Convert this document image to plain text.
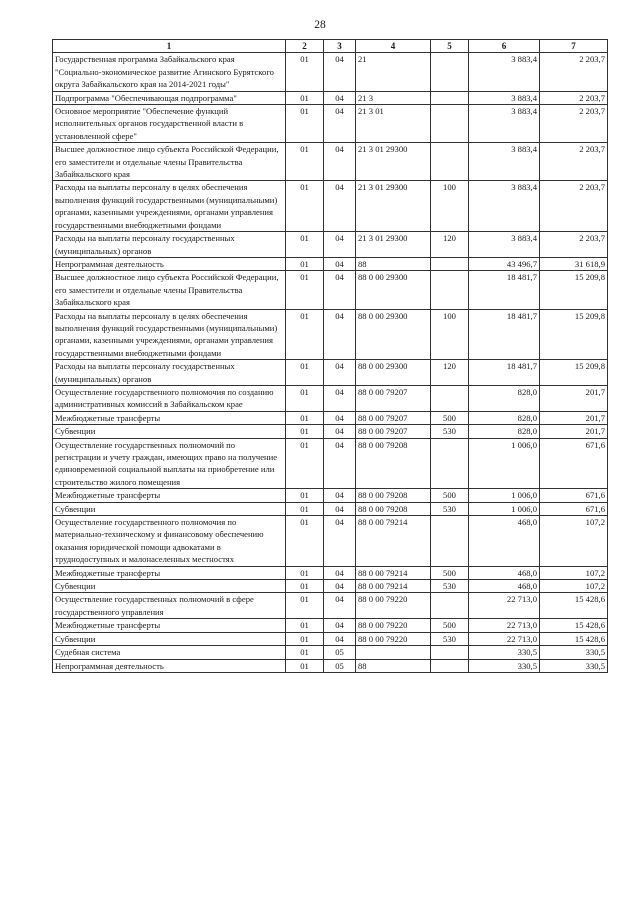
28
1	2	3	4	5	6	7
Государственная программа Забайкальского края "Социально-экономическое развитие Агинского Бурятского округа Забайкальского края на 2014-2021 годы"	01	04	21		3 883,4	2 203,7
Подпрограмма "Обеспечивающая подпрограмма"	01	04	21 3		3 883,4	2 203,7
Основное мероприятие "Обеспечение функций исполнительных органов государственной власти в установленной сфере"	01	04	21 3 01		3 883,4	2 203,7
Высшее должностное лицо субъекта Российской Федерации, его заместители и отдельные члены Правительства Забайкальского края	01	04	21 3 01 29300		3 883,4	2 203,7
Расходы на выплаты персоналу в целях обеспечения выполнения функций государственными (муниципальными) органами, казенными учреждениями, органами управления государственными внебюджетными фондами	01	04	21 3 01 29300	100	3 883,4	2 203,7
Расходы на выплаты персоналу государственных (муниципальных) органов	01	04	21 3 01 29300	120	3 883,4	2 203,7
Непрограммная деятельность	01	04	88		43 496,7	31 618,9
Высшее должностное лицо субъекта Российской Федерации, его заместители и отдельные члены Правительства Забайкальского края	01	04	88 0 00 29300		18 481,7	15 209,8
Расходы на выплаты персоналу в целях обеспечения выполнения функций государственными (муниципальными) органами, казенными учреждениями, органами управления государственными внебюджетными фондами	01	04	88 0 00 29300	100	18 481,7	15 209,8
Расходы на выплаты персоналу государственных (муниципальных) органов	01	04	88 0 00 29300	120	18 481,7	15 209,8
Осуществление государственного полномочия по созданию административных комиссий в Забайкальском крае	01	04	88 0 00 79207		828,0	201,7
Межбюджетные трансферты	01	04	88 0 00 79207	500	828,0	201,7
Субвенции	01	04	88 0 00 79207	530	828,0	201,7
Осуществление государственных полномочий по регистрации и учету граждан, имеющих право на получение единовременной социальной выплаты на приобретение или строительство жилого помещения	01	04	88 0 00 79208		1 006,0	671,6
Межбюджетные трансферты	01	04	88 0 00 79208	500	1 006,0	671,6
Субвенции	01	04	88 0 00 79208	530	1 006,0	671,6
Осуществление государственного полномочия по материально-техническому и финансовому обеспечению оказания юридической помощи адвокатами в труднодоступных и малонаселенных местностях	01	04	88 0 00 79214		468,0	107,2
Межбюджетные трансферты	01	04	88 0 00 79214	500	468,0	107,2
Субвенции	01	04	88 0 00 79214	530	468,0	107,2
Осуществление государственных полномочий в сфере государственного управления	01	04	88 0 00 79220		22 713,0	15 428,6
Межбюджетные трансферты	01	04	88 0 00 79220	500	22 713,0	15 428,6
Субвенции	01	04	88 0 00 79220	530	22 713,0	15 428,6
Судебная система	01	05			330,5	330,5
Непрограммная деятельность	01	05	88		330,5	330,5
